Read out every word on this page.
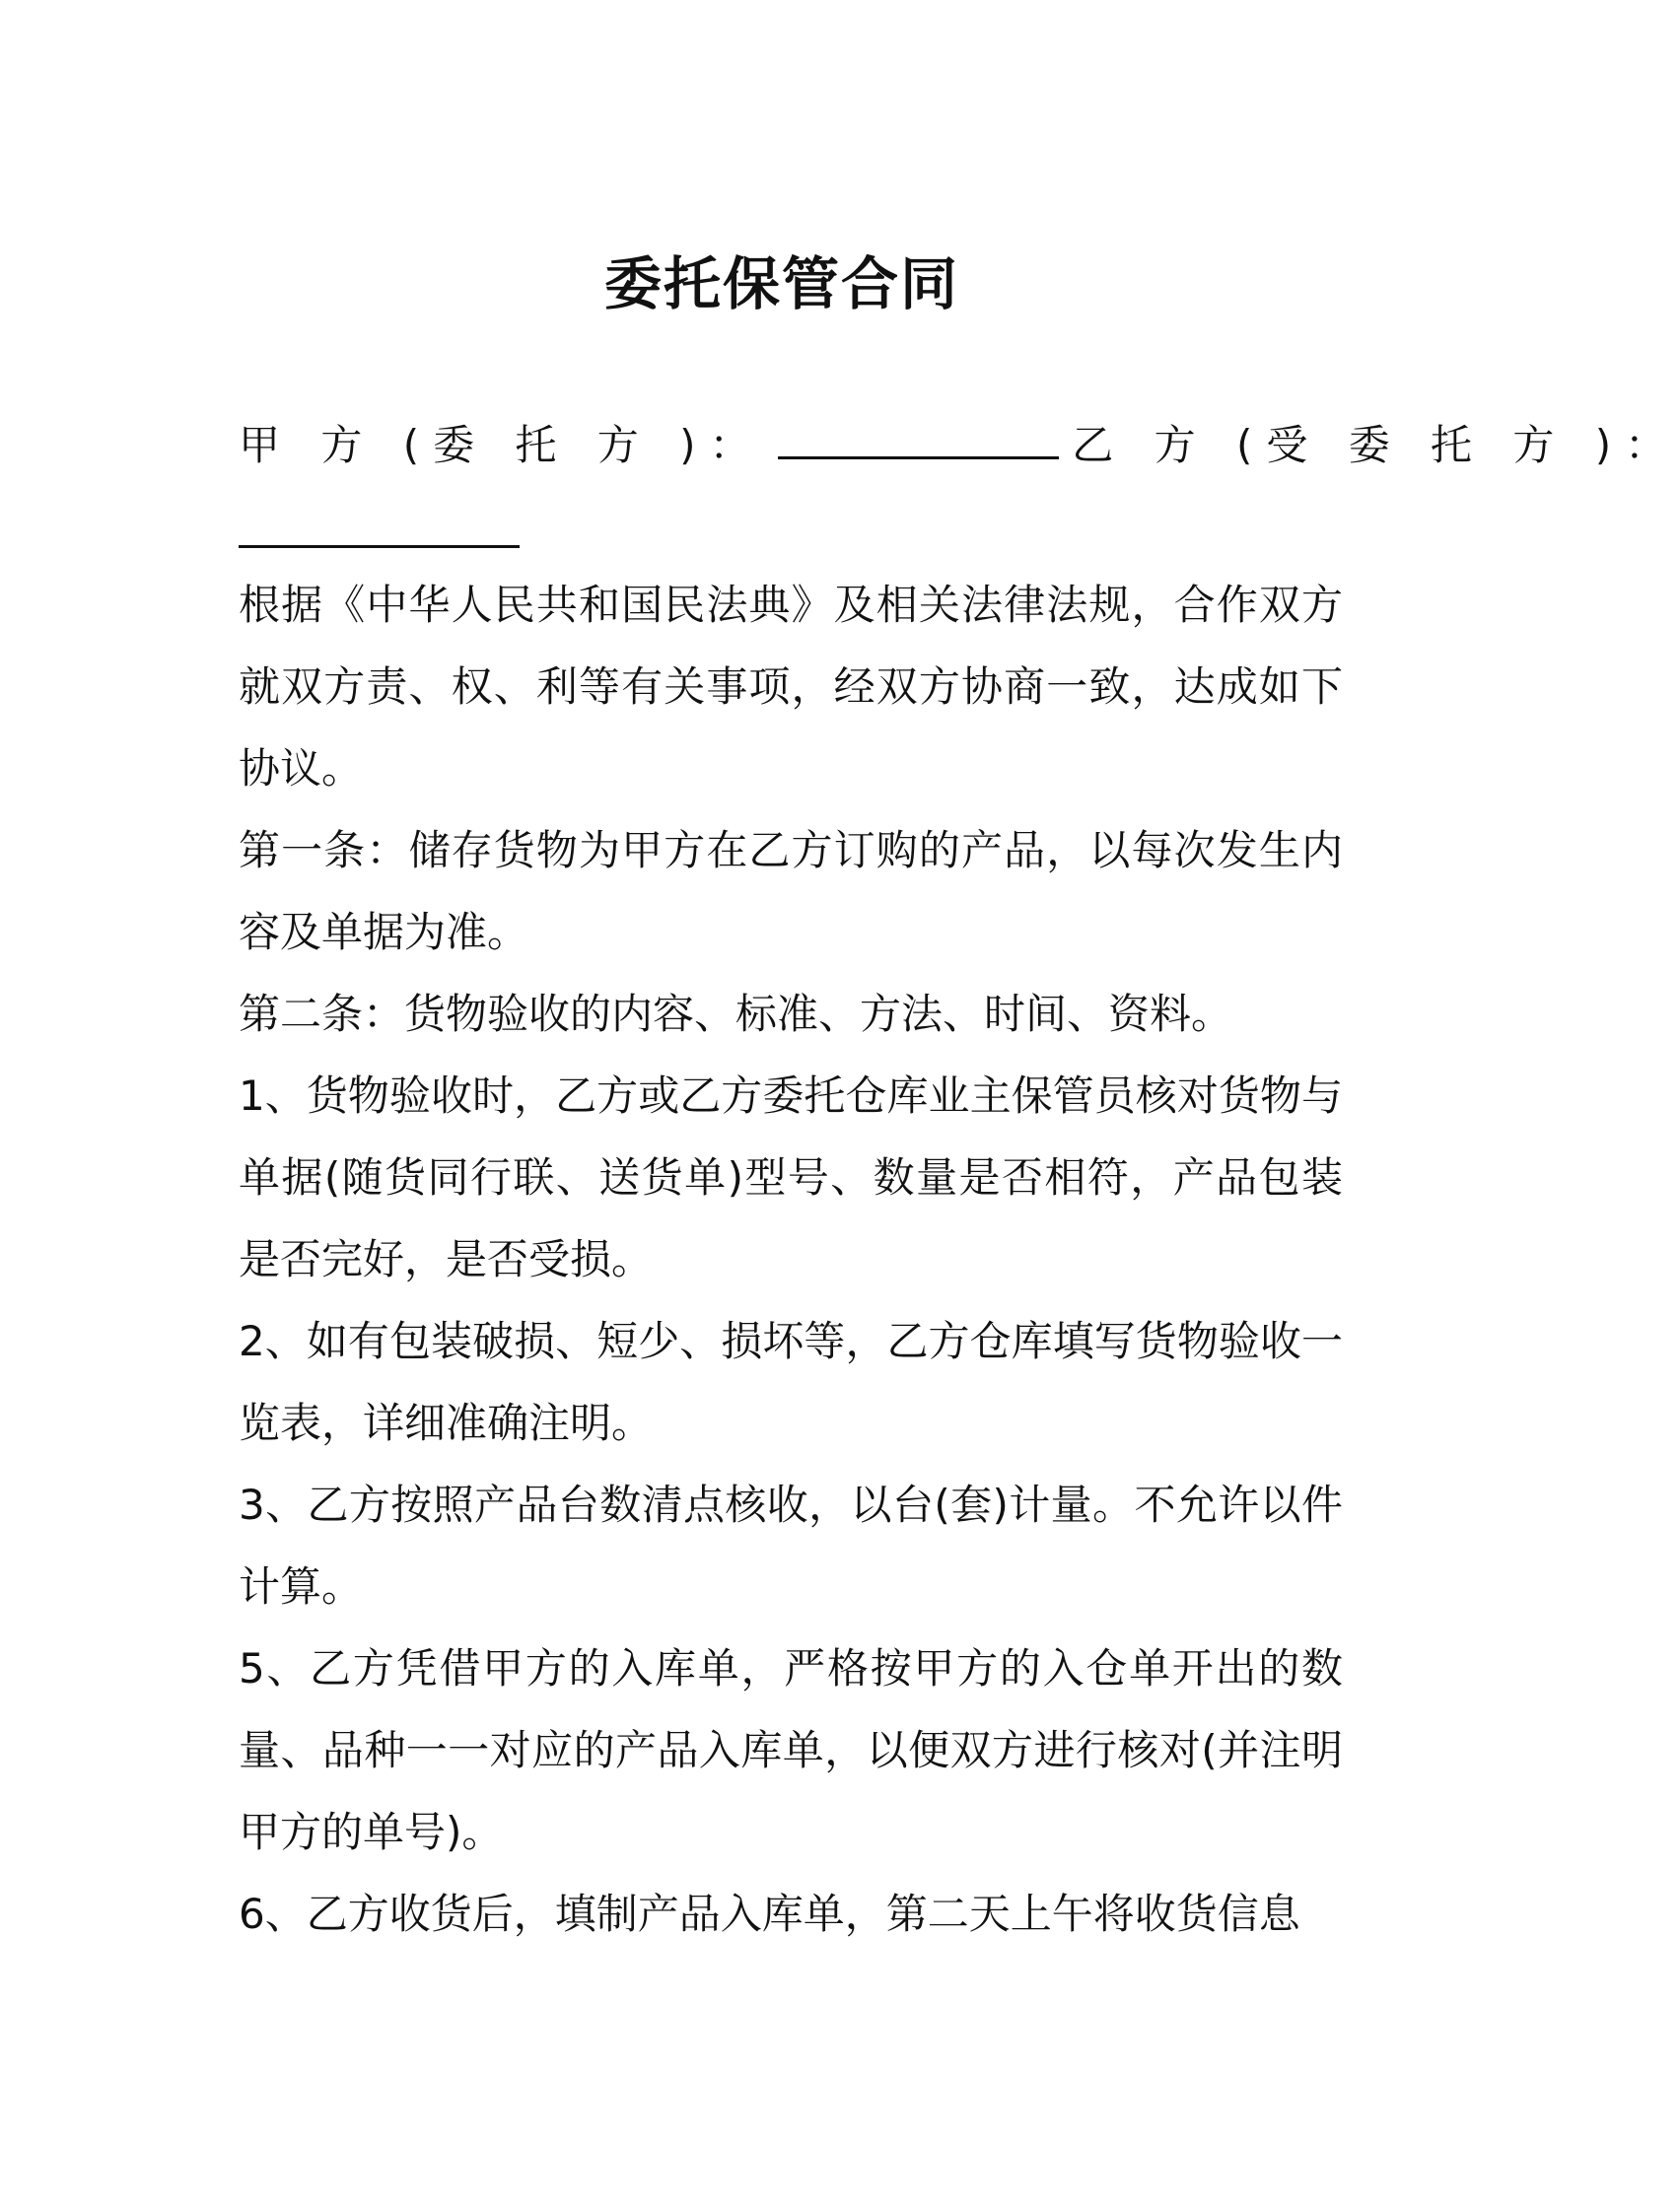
委托保管合同
甲 方 (委 托 方 )：	乙 方 (受 委 托 方 )：

根据《中华人民共和国民法典》及相关法律法规，合作双方就双方责、权、利等有关事项，经双方协商一致，达成如下协议。

第一条：储存货物为甲方在乙方订购的产品，以每次发生内容及单据为准。

第二条：货物验收的内容、标准、方法、时间、资料。

1、货物验收时，乙方或乙方委托仓库业主保管员核对货物与单据(随货同行联、送货单)型号、数量是否相符，产品包装是否完好，是否受损。

2、如有包装破损、短少、损坏等，乙方仓库填写货物验收一览表，详细准确注明。

3、乙方按照产品台数清点核收，以台(套)计量。不允许以件计算。

5、乙方凭借甲方的入库单，严格按甲方的入仓单开出的数量、品种一一对应的产品入库单，以便双方进行核对(并注明甲方的单号)。

6、乙方收货后，填制产品入库单，第二天上午将收货信息
